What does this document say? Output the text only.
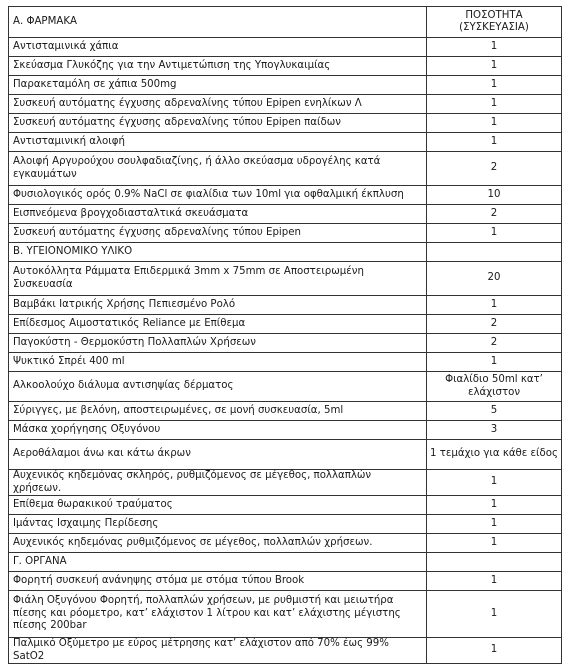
Α. ΦΑΡΜΑΚΑ	ΠΟΣΟΤΗΤΑ
(ΣΥΣΚΕΥΑΣΙΑ)

Αντισταμινικά χάπια	1
Σκεύασμα Γλυκόζης για την Αντιμετώπιση της Υπογλυκαιμίας	1
Παρακεταμόλη σε χάπια 500mg	1
Συσκευή αυτόματης έγχυσης αδρεναλίνης τύπου Epipen ενηλίκων Λ	1
Συσκευή αυτόματης έγχυσης αδρεναλίνης τύπου Epipen παίδων	1
Αντισταμινική αλοιφή	1
Αλοιφή Αργυρούχου σουλφαδιαζίνης, ή άλλο σκεύασμα υδρογέλης κατά εγκαυμάτων	2
Φυσιολογικός ορός 0.9% NaCl σε φιαλίδια των 10ml για οφθαλμική έκπλυση	10
Εισπνεόμενα βρογχοδιασταλτικά σκευάσματα	2
Συσκευή αυτόματης έγχυσης αδρεναλίνης τύπου Epipen	1
Β. ΥΓΕΙΟΝΟΜΙΚΟ ΥΛΙΚΟ	
Αυτοκόλλητα Ράμματα Επιδερμικά 3mm x 75mm σε Αποστειρωμένη Συσκευασία	20
Βαμβάκι Ιατρικής Χρήσης Πεπιεσμένο Ρολό	1
Επίδεσμος Αιμοστατικός Reliance με Επίθεμα	2
Παγοκύστη - Θερμοκύστη Πολλαπλών Χρήσεων	2
Ψυκτικό Σπρέι 400 ml	1
Αλκοολούχο διάλυμα αντισηψίας δέρματος	Φιαλίδιο 50ml κατ’ ελάχιστον
Σύριγγες, με βελόνη, αποστειρωμένες, σε μονή συσκευασία, 5ml	5
Μάσκα χορήγησης Οξυγόνου	3
Αεροθάλαμοι άνω και κάτω άκρων	1 τεμάχιο για κάθε είδος
Αυχενικός κηδεμόνας σκληρός, ρυθμιζόμενος σε μέγεθος, πολλαπλών χρήσεων.	1
Επίθεμα θωρακικού τραύματος	1
Ιμάντας Ισχαιμης Περίδεσης	1
Αυχενικός κηδεμόνας ρυθμιζόμενος σε μέγεθος, πολλαπλών χρήσεων.	1
Γ. ΟΡΓΑΝΑ	
Φορητή συσκευή ανάνηψης στόμα με στόμα τύπου Brook	1
Φιάλη Οξυγόνου Φορητή, πολλαπλών χρήσεων, με ρυθμιστή και μειωτήρα πίεσης και ρόομετρο, κατ’ ελάχιστον 1 λίτρου και κατ’ ελάχιστης μέγιστης πίεσης 200bar	1
Παλμικό Οξύμετρο με εύρος μέτρησης κατ’ ελάχιστον από 70% έως 99% SatO2	1
